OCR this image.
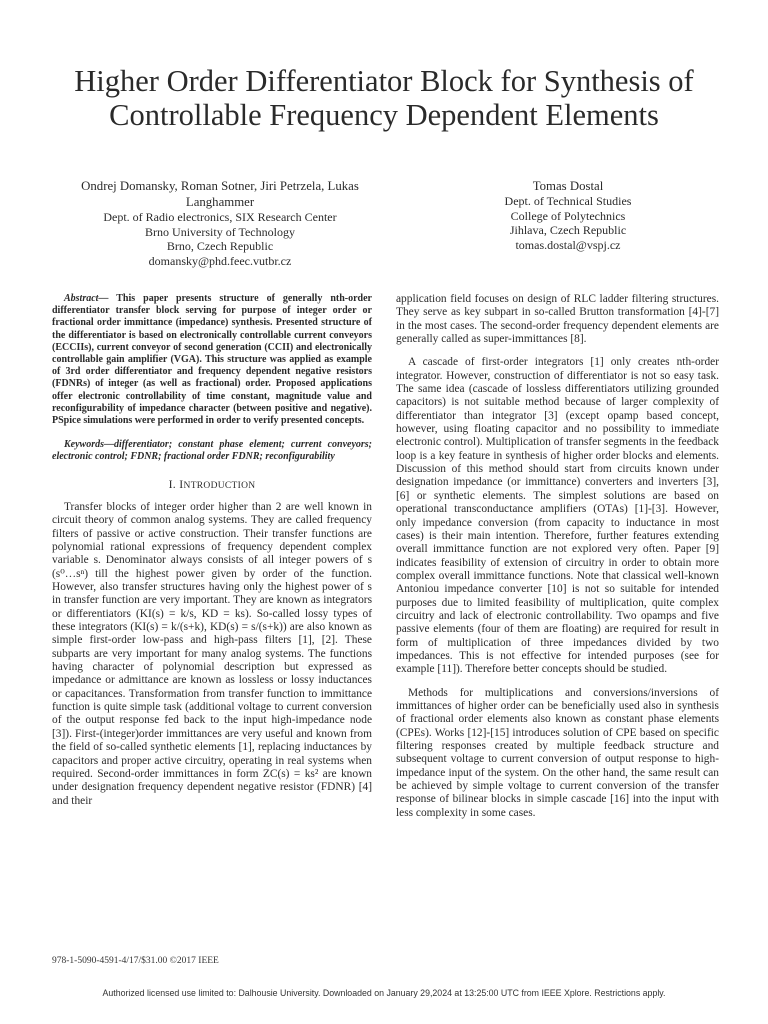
Higher Order Differentiator Block for Synthesis of
Controllable Frequency Dependent Elements
Ondrej Domansky, Roman Sotner, Jiri Petrzela, Lukas
Langhammer
Dept. of Radio electronics, SIX Research Center
Brno University of Technology
Brno, Czech Republic
domansky@phd.feec.vutbr.cz
Tomas Dostal
Dept. of Technical Studies
College of Polytechnics
Jihlava, Czech Republic
tomas.dostal@vspj.cz

Abstract— This paper presents structure of generally nth-order differentiator transfer block serving for purpose of integer order or fractional order immittance (impedance) synthesis. Presented structure of the differentiator is based on electronically controllable current conveyors (ECCIIs), current conveyor of second generation (CCII) and electronically controllable gain amplifier (VGA). This structure was applied as example of 3rd order differentiator and frequency dependent negative resistors (FDNRs) of integer (as well as fractional) order. Proposed applications offer electronic controllability of time constant, magnitude value and reconfigurability of impedance character (between positive and negative). PSpice simulations were performed in order to verify presented concepts.

Keywords—differentiator; constant phase element; current conveyors; electronic control; FDNR; fractional order FDNR; reconfigurability

I. INTRODUCTION

Transfer blocks of integer order higher than 2 are well known in circuit theory of common analog systems. They are called frequency filters of passive or active construction. Their transfer functions are polynomial rational expressions of frequency dependent complex variable s. Denominator always consists of all integer powers of s (s⁰…sⁿ) till the highest power given by order of the function. However, also transfer structures having only the highest power of s in transfer function are very important. They are known as integrators or differentiators (KI(s) = k/s, KD = ks). So-called lossy types of these integrators (KI(s) = k/(s+k), KD(s) = s/(s+k)) are also known as simple first-order low-pass and high-pass filters [1], [2]. These subparts are very important for many analog systems. The functions having character of polynomial description but expressed as impedance or admittance are known as lossless or lossy inductances or capacitances. Transformation from transfer function to immittance function is quite simple task (additional voltage to current conversion of the output response fed back to the input high-impedance node [3]). First-(integer)order immittances are very useful and known from the field of so-called synthetic elements [1], replacing inductances by capacitors and proper active circuitry, operating in real systems when required. Second-order immittances in form ZC(s) = ks² are known under designation frequency dependent negative resistor (FDNR) [4] and their

application field focuses on design of RLC ladder filtering structures. They serve as key subpart in so-called Brutton transformation [4]-[7] in the most cases. The second-order frequency dependent elements are generally called as super-immittances [8].

A cascade of first-order integrators [1] only creates nth-order integrator. However, construction of differentiator is not so easy task. The same idea (cascade of lossless differentiators utilizing grounded capacitors) is not suitable method because of larger complexity of differentiator than integrator [3] (except opamp based concept, however, using floating capacitor and no possibility to immediate electronic control). Multiplication of transfer segments in the feedback loop is a key feature in synthesis of higher order blocks and elements. Discussion of this method should start from circuits known under designation impedance (or immittance) converters and inverters [3], [6] or synthetic elements. The simplest solutions are based on operational transconductance amplifiers (OTAs) [1]-[3]. However, only impedance conversion (from capacity to inductance in most cases) is their main intention. Therefore, further features extending overall immittance function are not explored very often. Paper [9] indicates feasibility of extension of circuitry in order to obtain more complex overall immittance functions. Note that classical well-known Antoniou impedance converter [10] is not so suitable for intended purposes due to limited feasibility of multiplication, quite complex circuitry and lack of electronic controllability. Two opamps and five passive elements (four of them are floating) are required for result in form of multiplication of three impedances divided by two impedances. This is not effective for intended purposes (see for example [11]). Therefore better concepts should be studied.

Methods for multiplications and conversions/inversions of immittances of higher order can be beneficially used also in synthesis of fractional order elements also known as constant phase elements (CPEs). Works [12]-[15] introduces solution of CPE based on specific filtering responses created by multiple feedback structure and subsequent voltage to current conversion of output response to high-impedance input of the system. On the other hand, the same result can be achieved by simple voltage to current conversion of the transfer response of bilinear blocks in simple cascade [16] into the input with less complexity in some cases.

978-1-5090-4591-4/17/$31.00 ©2017 IEEE
Authorized licensed use limited to: Dalhousie University. Downloaded on January 29,2024 at 13:25:00 UTC from IEEE Xplore. Restrictions apply.
